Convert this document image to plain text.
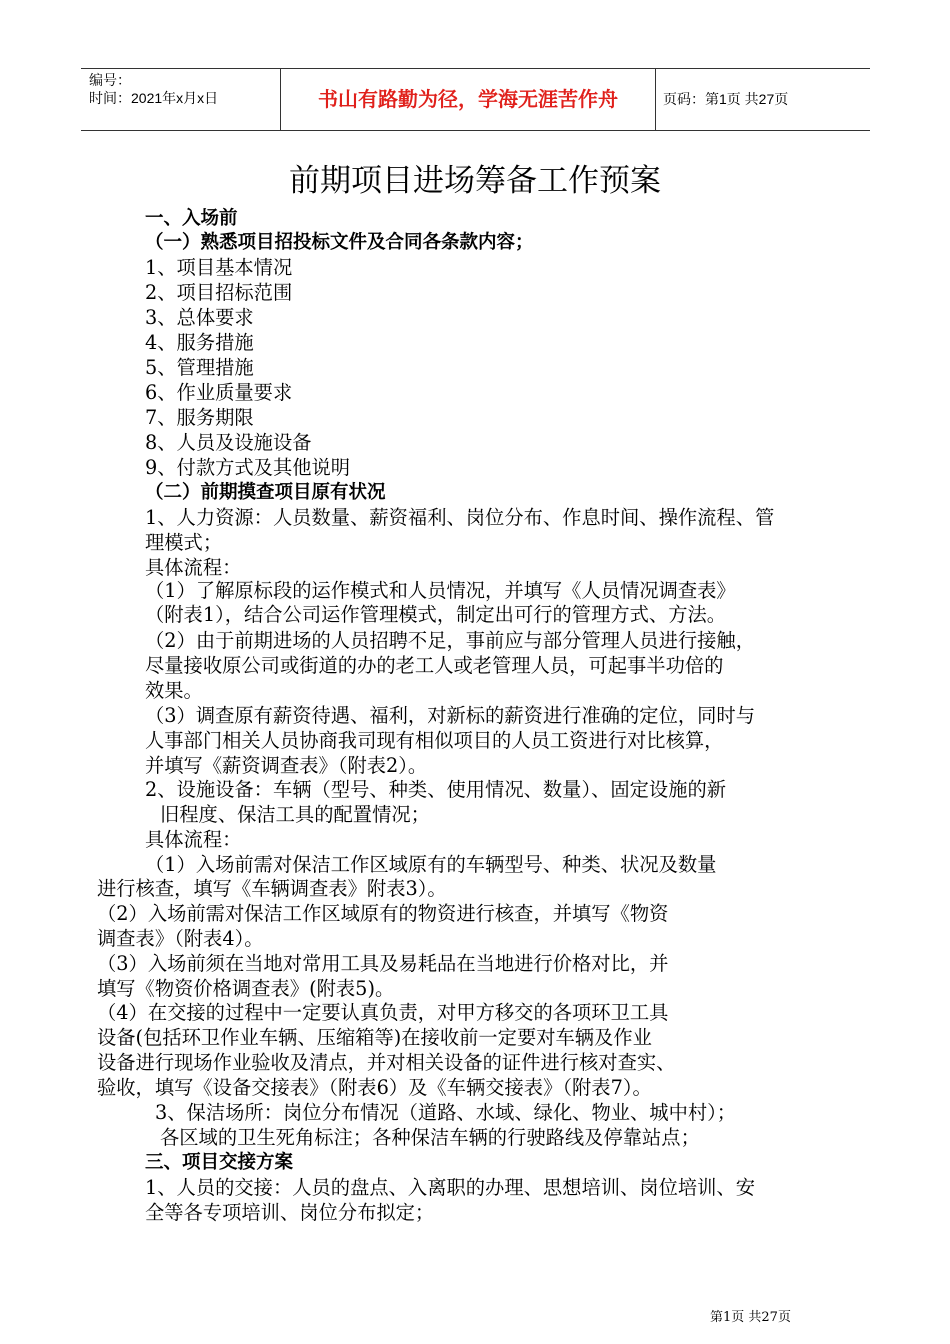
编号：
时间：2021年x月x日	书山有路勤为径，学海无涯苦作舟	页码：第1页 共27页
前期项目进场筹备工作预案
一、入场前
（一）熟悉项目招投标文件及合同各条款内容；
1、项目基本情况
2、项目招标范围
3、总体要求
4、服务措施
5、管理措施
6、作业质量要求
7、服务期限
8、人员及设施设备
9、付款方式及其他说明
（二）前期摸查项目原有状况
1、人力资源：人员数量、薪资福利、岗位分布、作息时间、操作流程、管
理模式；
具体流程：
（1）了解原标段的运作模式和人员情况，并填写《人员情况调查表》
（附表1），结合公司运作管理模式，制定出可行的管理方式、方法。
（2）由于前期进场的人员招聘不足，事前应与部分管理人员进行接触，
尽量接收原公司或街道的办的老工人或老管理人员，可起事半功倍的
效果。
（3）调查原有薪资待遇、福利，对新标的薪资进行准确的定位，同时与
人事部门相关人员协商我司现有相似项目的人员工资进行对比核算，
并填写《薪资调查表》（附表2）。
2、设施设备：车辆（型号、种类、使用情况、数量）、固定设施的新
旧程度、保洁工具的配置情况；
具体流程：
（1）入场前需对保洁工作区域原有的车辆型号、种类、状况及数量
进行核查，填写《车辆调查表》附表3）。
（2）入场前需对保洁工作区域原有的物资进行核查，并填写《物资
调查表》（附表4）。
（3）入场前须在当地对常用工具及易耗品在当地进行价格对比，并
填写《物资价格调查表》(附表5)。
（4）在交接的过程中一定要认真负责，对甲方移交的各项环卫工具
设备(包括环卫作业车辆、压缩箱等)在接收前一定要对车辆及作业
设备进行现场作业验收及清点，并对相关设备的证件进行核对查实、
验收，填写《设备交接表》（附表6）及《车辆交接表》（附表7）。
3、保洁场所：岗位分布情况（道路、水域、绿化、物业、城中村）；
各区域的卫生死角标注；各种保洁车辆的行驶路线及停靠站点；
三、项目交接方案
1、人员的交接：人员的盘点、入离职的办理、思想培训、岗位培训、安
全等各专项培训、岗位分布拟定；
第1页 共27页
